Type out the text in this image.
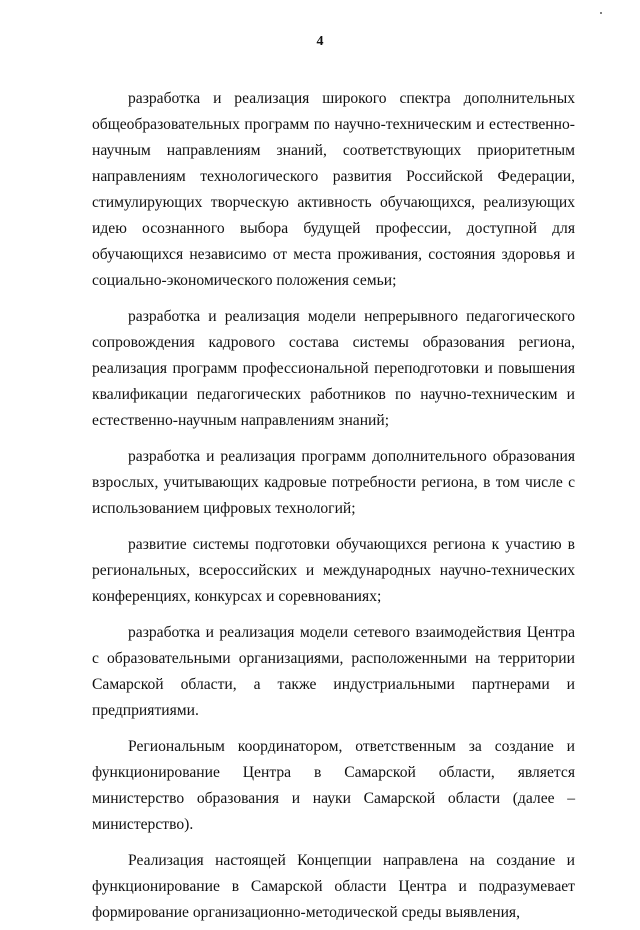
4

разработка и реализация широкого спектра дополнительных общеобразовательных программ по научно-техническим и естественно-научным направлениям знаний, соответствующих приоритетным направлениям технологического развития Российской Федерации, стимулирующих творческую активность обучающихся, реализующих идею осознанного выбора будущей профессии, доступной для обучающихся независимо от места проживания, состояния здоровья и социально-экономического положения семьи;

разработка и реализация модели непрерывного педагогического сопровождения кадрового состава системы образования региона, реализация программ профессиональной переподготовки и повышения квалификации педагогических работников по научно-техническим и естественно-научным направлениям знаний;

разработка и реализация программ дополнительного образования взрослых, учитывающих кадровые потребности региона, в том числе с использованием цифровых технологий;

развитие системы подготовки обучающихся региона к участию в региональных, всероссийских и международных научно-технических конференциях, конкурсах и соревнованиях;

разработка и реализация модели сетевого взаимодействия Центра с образовательными организациями, расположенными на территории Самарской области, а также индустриальными партнерами и предприятиями.

Региональным координатором, ответственным за создание и функционирование Центра в Самарской области, является министерство образования и науки Самарской области (далее – министерство).

Реализация настоящей Концепции направлена на создание и функционирование в Самарской области Центра и подразумевает формирование организационно-методической среды выявления,
